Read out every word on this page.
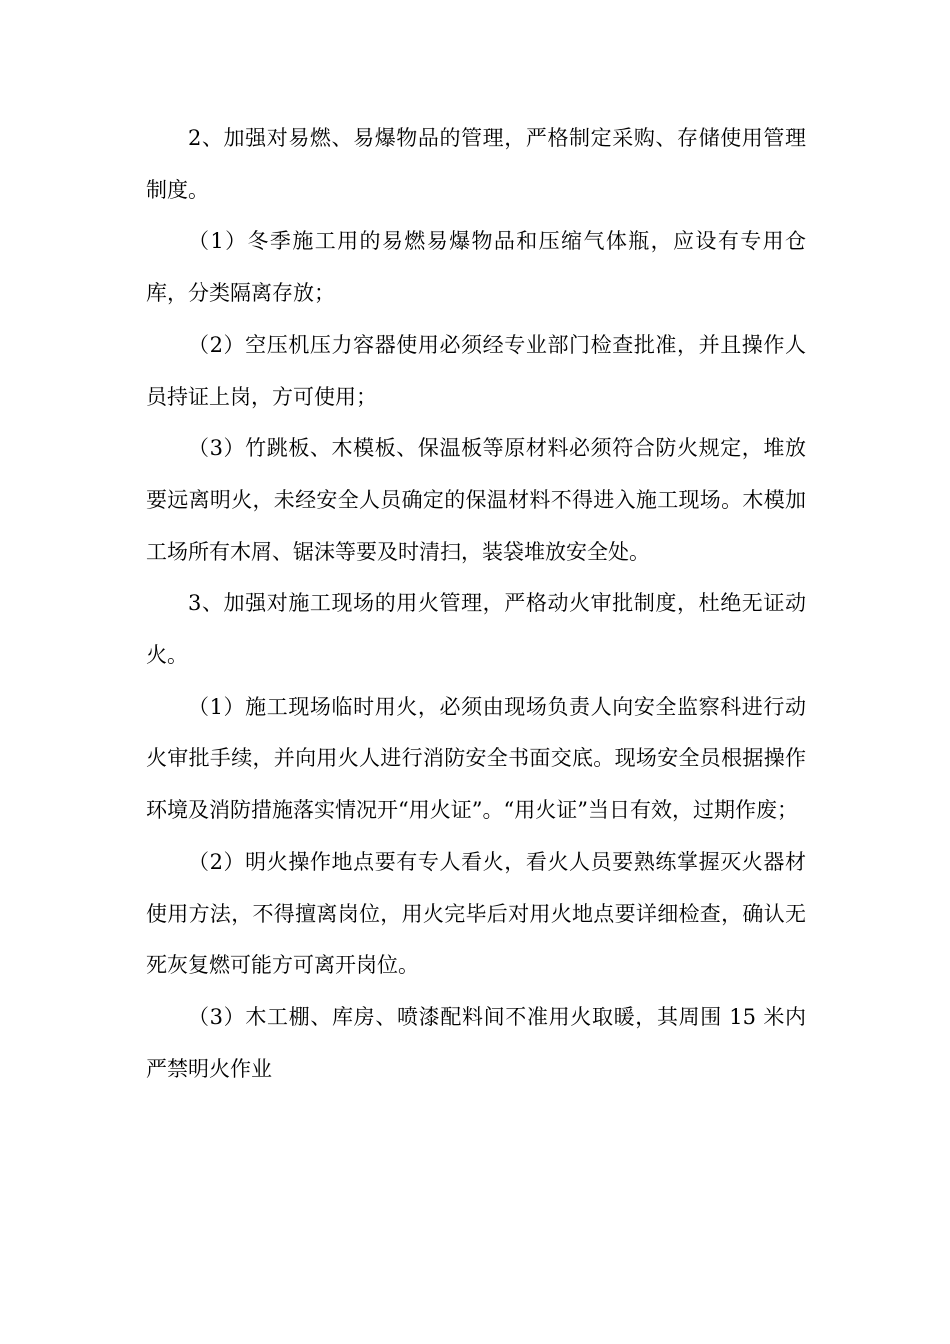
2、加强对易燃、易爆物品的管理，严格制定采购、存储使用管理制度。

（1）冬季施工用的易燃易爆物品和压缩气体瓶，应设有专用仓库，分类隔离存放；

（2）空压机压力容器使用必须经专业部门检查批准，并且操作人员持证上岗，方可使用；

（3）竹跳板、木模板、保温板等原材料必须符合防火规定，堆放要远离明火，未经安全人员确定的保温材料不得进入施工现场。木模加工场所有木屑、锯沫等要及时清扫，装袋堆放安全处。

3、加强对施工现场的用火管理，严格动火审批制度，杜绝无证动火。

（1）施工现场临时用火，必须由现场负责人向安全监察科进行动火审批手续，并向用火人进行消防安全书面交底。现场安全员根据操作环境及消防措施落实情况开“用火证”。“用火证”当日有效，过期作废；

（2）明火操作地点要有专人看火，看火人员要熟练掌握灭火器材使用方法，不得擅离岗位，用火完毕后对用火地点要详细检查，确认无死灰复燃可能方可离开岗位。

（3）木工棚、库房、喷漆配料间不准用火取暖，其周围 15 米内严禁明火作业
